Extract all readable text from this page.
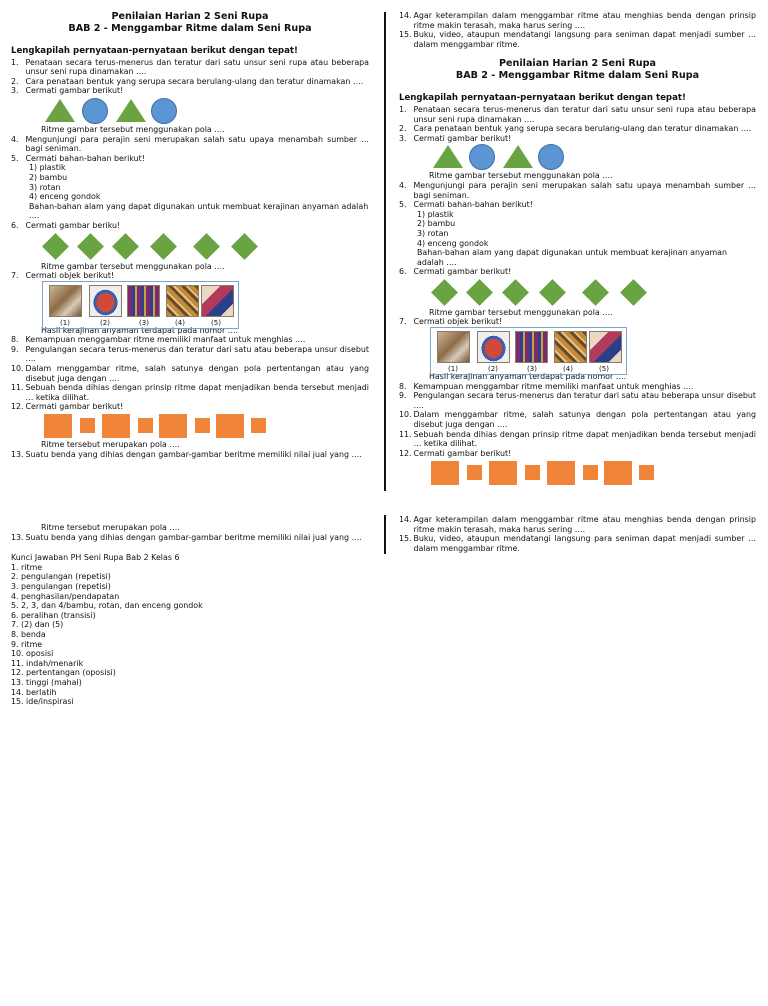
Penilaian Harian 2 Seni Rupa
BAB 2 - Menggambar Ritme dalam Seni Rupa
Lengkapilah pernyataan-pernyataan berikut dengan tepat!
1. Penataan secara terus-menerus dan teratur dari satu unsur seni rupa atau beberapa unsur seni rupa dinamakan ….
2. Cara penataan bentuk yang serupa secara berulang-ulang dan teratur dinamakan ….
3. Cermati gambar berikut!
Ritme gambar tersebut menggunakan pola ….
4. Mengunjungi para perajin seni merupakan salah satu upaya menambah sumber … bagi seniman.
5. Cermati bahan-bahan berikut!
1) plastik
2) bambu
3) rotan
4) enceng gondok
Bahan-bahan alam yang dapat digunakan untuk membuat kerajinan anyaman adalah ….
6. Cermati gambar beriku!
Ritme gambar tersebut menggunakan pola ….
7. Cermati objek berikut!
(1)	(2)	(3)	(4)	(5)
Hasil kerajinan anyaman terdapat pada nomor ….
8. Kemampuan menggambar ritme memiliki manfaat untuk menghias ….
9. Pengulangan secara terus-menerus dan teratur dari satu atau beberapa unsur disebut ….
10. Dalam menggambar ritme, salah satunya dengan pola pertentangan atau yang disebut juga dengan ….
11. Sebuah benda dihias dengan prinsip ritme dapat menjadikan benda tersebut menjadi … ketika dilihat.
12. Cermati gambar berikut!
Ritme tersebut merupakan pola ….
13. Suatu benda yang dihias dengan gambar-gambar beritme memiliki nilai jual yang ….
14. Agar keterampilan dalam menggambar ritme atau menghias benda dengan prinsip ritme makin terasah, maka harus sering ….
15. Buku, video, ataupun mendatangi langsung para seniman dapat menjadi sumber … dalam menggambar ritme.
Penilaian Harian 2 Seni Rupa
BAB 2 - Menggambar Ritme dalam Seni Rupa
Lengkapilah pernyataan-pernyataan berikut dengan tepat!
1. Penataan secara terus-menerus dan teratur dari satu unsur seni rupa atau beberapa unsur seni rupa dinamakan ….
2. Cara penataan bentuk yang serupa secara berulang-ulang dan teratur dinamakan ….
3. Cermati gambar berikut!
Ritme gambar tersebut menggunakan pola ….
4. Mengunjungi para perajin seni merupakan salah satu upaya menambah sumber … bagi seniman.
5. Cermati bahan-bahan berikut!
1) plastik
2) bambu
3) rotan
4) enceng gondok
Bahan-bahan alam yang dapat digunakan untuk membuat kerajinan anyaman adalah ….
6. Cermati gambar berikut!
Ritme gambar tersebut menggunakan pola ….
7. Cermati objek berikut!
(1)	(2)	(3)	(4)	(5)
Hasil kerajinan anyaman terdapat pada nomor ….
8. Kemampuan menggambar ritme memiliki manfaat untuk menghias ….
9. Pengulangan secara terus-menerus dan teratur dari satu atau beberapa unsur disebut ….
10. Dalam menggambar ritme, salah satunya dengan pola pertentangan atau yang disebut juga dengan ….
11. Sebuah benda dihias dengan prinsip ritme dapat menjadikan benda tersebut menjadi … ketika dilihat.
12. Cermati gambar berikut!
Ritme tersebut merupakan pola ….
13. Suatu benda yang dihias dengan gambar-gambar beritme memiliki nilai jual yang ….
Kunci Jawaban PH Seni Rupa Bab 2 Kelas 6
1. ritme
2. pengulangan (repetisi)
3. pengulangan (repetisi)
4. penghasilan/pendapatan
5. 2, 3, dan 4/bambu, rotan, dan enceng gondok
6. peralihan (transisi)
7. (2) dan (5)
8. benda
9. ritme
10. oposisi
11. indah/menarik
12. pertentangan (oposisi)
13. tinggi (mahal)
14. berlatih
15. ide/inspirasi
14. Agar keterampilan dalam menggambar ritme atau menghias benda dengan prinsip ritme makin terasah, maka harus sering ….
15. Buku, video, ataupun mendatangi langsung para seniman dapat menjadi sumber … dalam menggambar ritme.
